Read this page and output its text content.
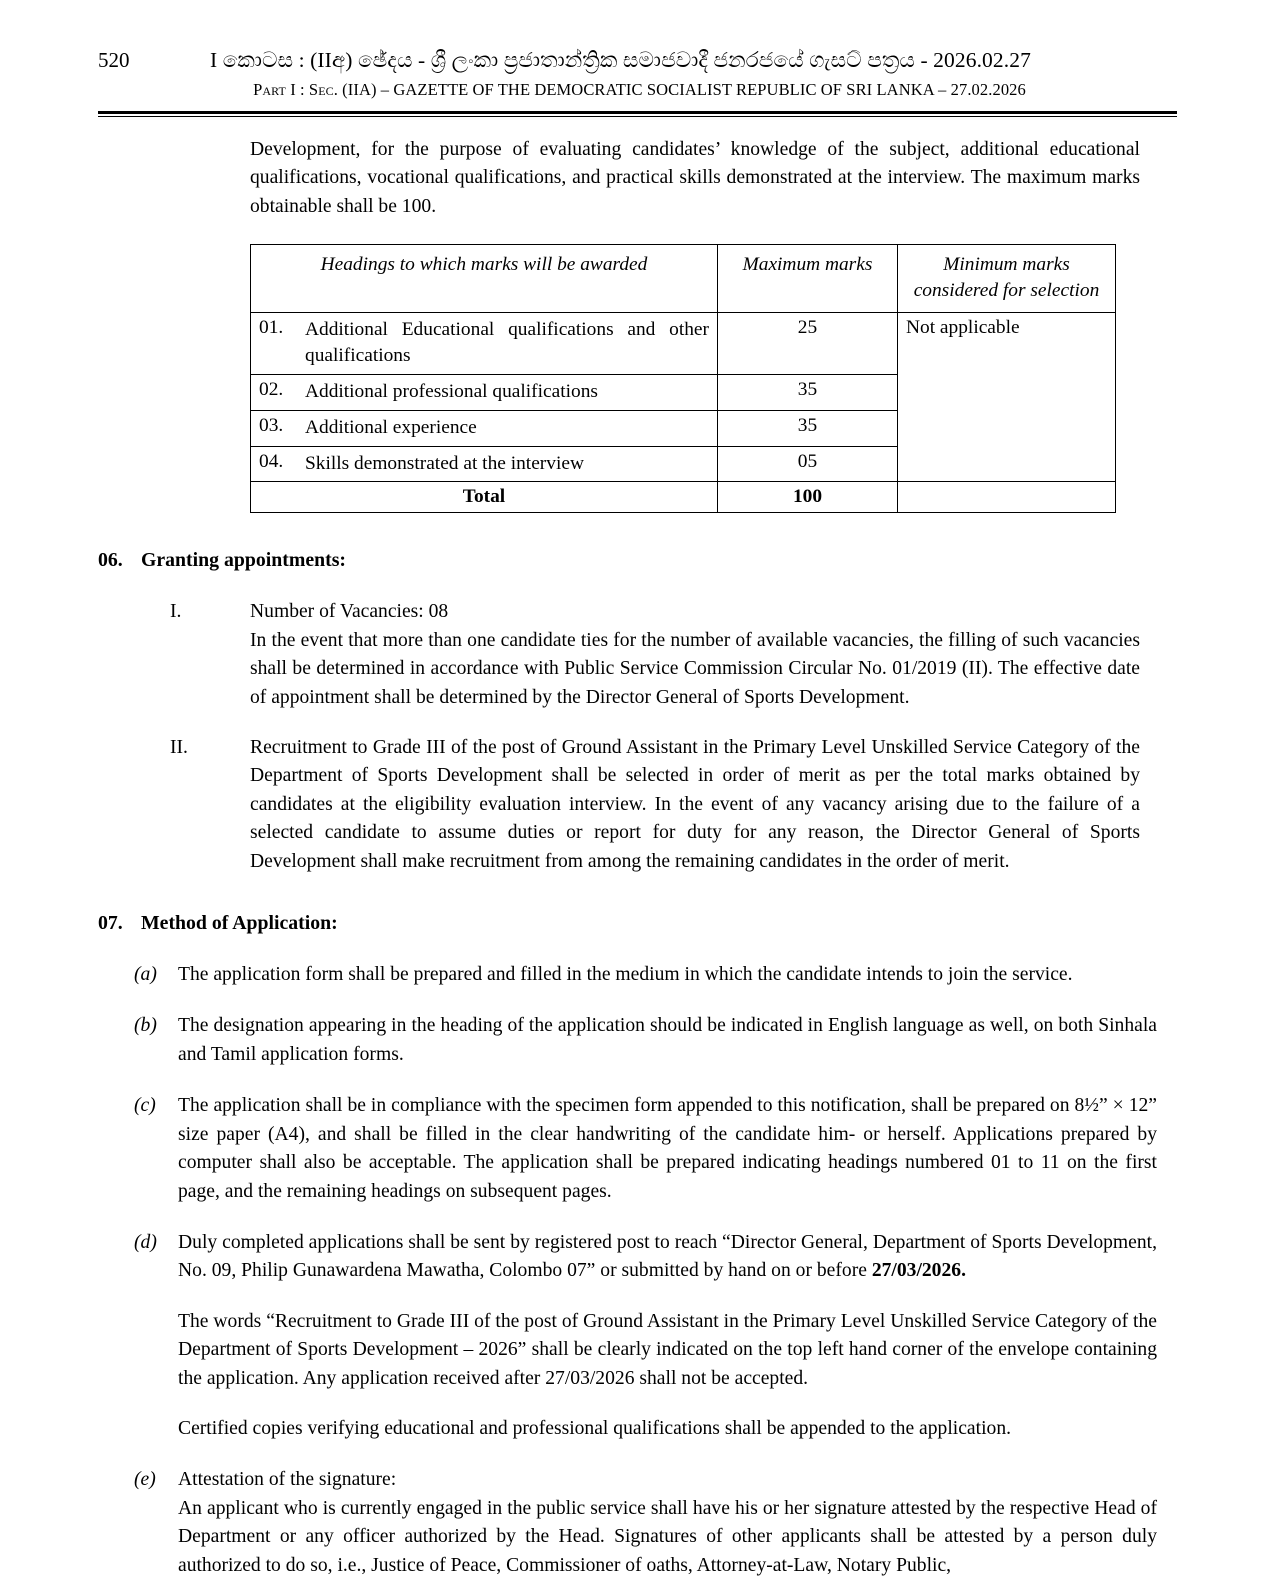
520	I කොටස : (IIඅ) ඡේදය - ශ්‍රී ලංකා ප්‍රජාතාන්ත්‍රික සමාජවාදී ජනරජයේ ගැසට් පත්‍රය - 2026.02.27
Part I : Sec. (IIA) – GAZETTE OF THE DEMOCRATIC SOCIALIST REPUBLIC OF SRI LANKA – 27.02.2026

Development, for the purpose of evaluating candidates’ knowledge of the subject, additional educational qualifications, vocational qualifications, and practical skills demonstrated at the interview. The maximum marks obtainable shall be 100.

Headings to which marks will be awarded	Maximum marks	Minimum marks
considered for selection

01. Additional Educational qualifications and other qualifications	25	Not applicable

02. Additional professional qualifications	35	

03. Additional experience	35	

04. Skills demonstrated at the interview	05	
Total	100	
06. Granting appointments:
I.	Number of Vacancies: 08
In the event that more than one candidate ties for the number of available vacancies, the filling of such vacancies shall be determined in accordance with Public Service Commission Circular No. 01/2019 (II). The effective date of appointment shall be determined by the Director General of Sports Development.
II.	Recruitment to Grade III of the post of Ground Assistant in the Primary Level Unskilled Service Category of the Department of Sports Development shall be selected in order of merit as per the total marks obtained by candidates at the eligibility evaluation interview. In the event of any vacancy arising due to the failure of a selected candidate to assume duties or report for duty for any reason, the Director General of Sports Development shall make recruitment from among the remaining candidates in the order of merit.
07. Method of Application:
(a)	The application form shall be prepared and filled in the medium in which the candidate intends to join the service.
(b)	The designation appearing in the heading of the application should be indicated in English language as well, on both Sinhala and Tamil application forms.
(c)	The application shall be in compliance with the specimen form appended to this notification, shall be prepared on 8½” × 12” size paper (A4), and shall be filled in the clear handwriting of the candidate him- or herself. Applications prepared by computer shall also be acceptable. The application shall be prepared indicating headings numbered 01 to 11 on the first page, and the remaining headings on subsequent pages.
(d)	Duly completed applications shall be sent by registered post to reach “Director General, Department of Sports Development, No. 09, Philip Gunawardena Mawatha, Colombo 07” or submitted by hand on or before 27/03/2026.
The words “Recruitment to Grade III of the post of Ground Assistant in the Primary Level Unskilled Service Category of the Department of Sports Development – 2026” shall be clearly indicated on the top left hand corner of the envelope containing the application. Any application received after 27/03/2026 shall not be accepted.
Certified copies verifying educational and professional qualifications shall be appended to the application.
(e)	Attestation of the signature:
An applicant who is currently engaged in the public service shall have his or her signature attested by the respective Head of Department or any officer authorized by the Head. Signatures of other applicants shall be attested by a person duly authorized to do so, i.e., Justice of Peace, Commissioner of oaths, Attorney-at-Law, Notary Public,
